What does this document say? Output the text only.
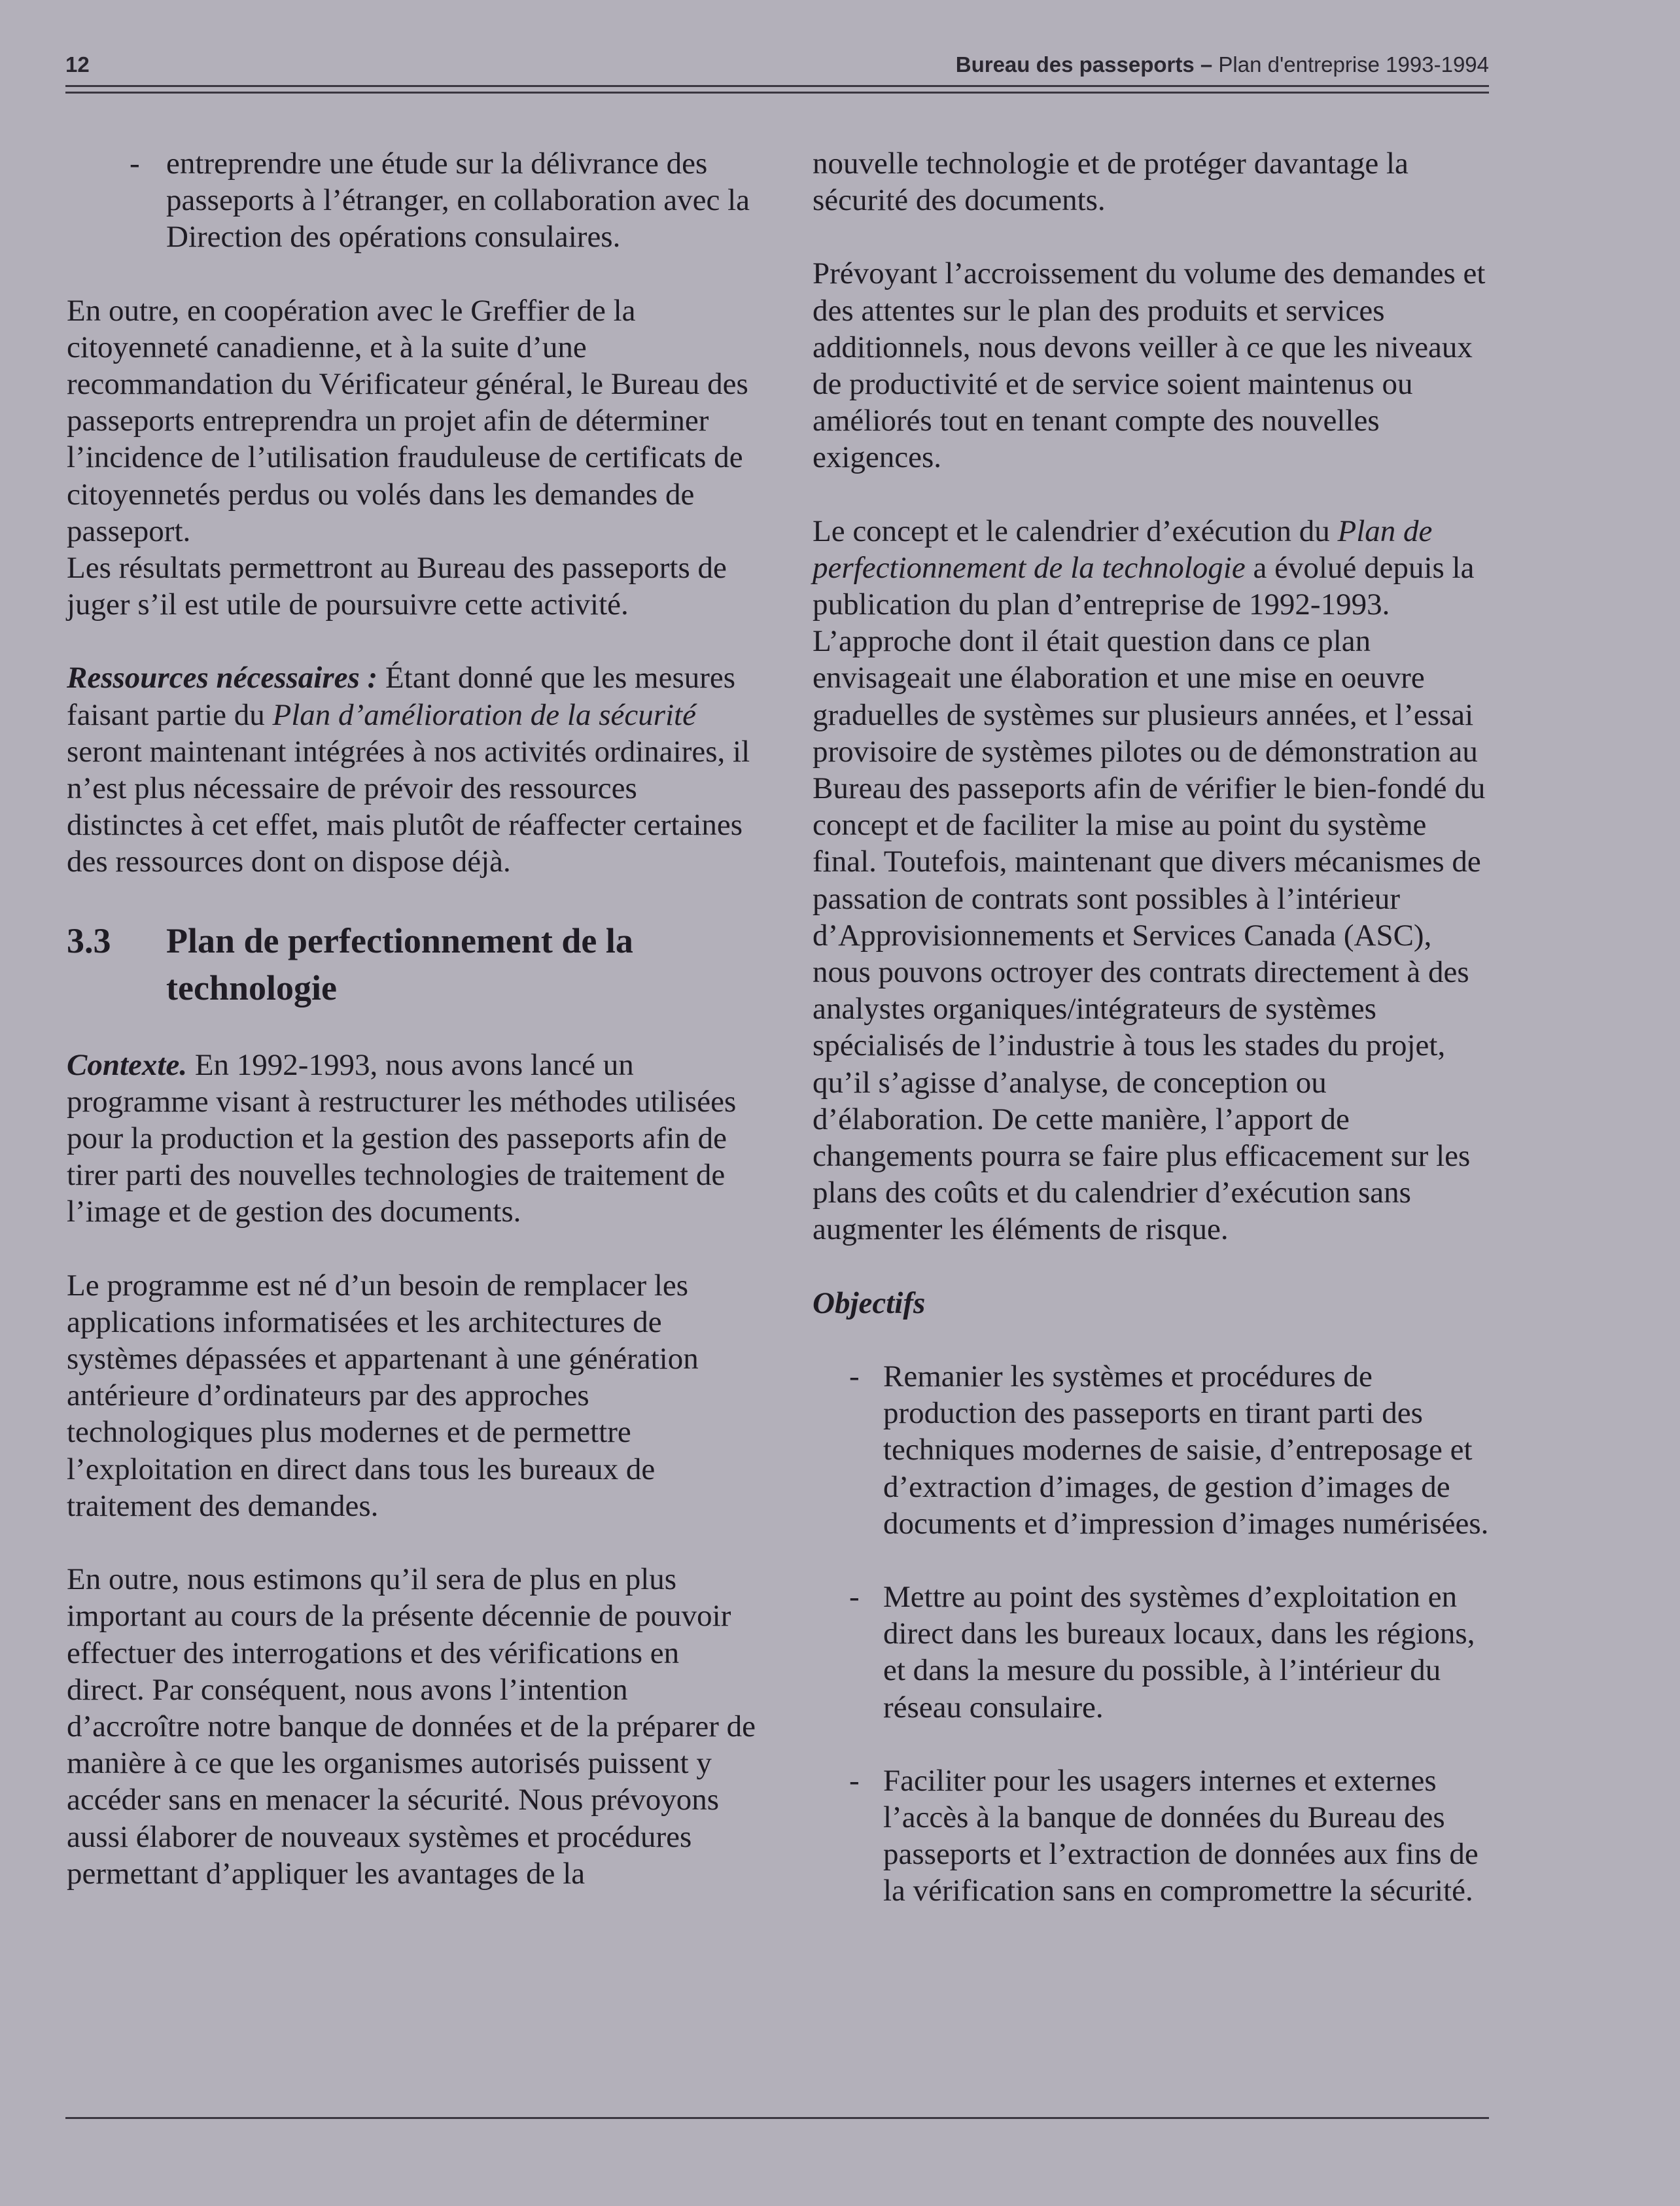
12	Bureau des passeports – Plan d'entreprise 1993-1994
- entreprendre une étude sur la délivrance des passeports à l’étranger, en collaboration avec la Direction des opérations consulaires.

En outre, en coopération avec le Greffier de la citoyenneté canadienne, et à la suite d’une recommandation du Vérificateur général, le Bureau des passeports entreprendra un projet afin de déterminer l’incidence de l’utilisation frauduleuse de certificats de citoyennetés perdus ou volés dans les demandes de passeport.

Les résultats permettront au Bureau des passeports de juger s’il est utile de poursuivre cette activité.

Ressources nécessaires : Étant donné que les mesures faisant partie du Plan d’amélioration de la sécurité seront maintenant intégrées à nos activités ordinaires, il n’est plus nécessaire de prévoir des ressources distinctes à cet effet, mais plutôt de réaffecter certaines des ressources dont on dispose déjà.

3.3 Plan de perfectionnement de la technologie

Contexte. En 1992-1993, nous avons lancé un programme visant à restructurer les méthodes utilisées pour la production et la gestion des passeports afin de tirer parti des nouvelles technologies de traitement de l’image et de gestion des documents.

Le programme est né d’un besoin de remplacer les applications informatisées et les architectures de systèmes dépassées et appartenant à une génération antérieure d’ordinateurs par des approches technologiques plus modernes et de permettre l’exploitation en direct dans tous les bureaux de traitement des demandes.

En outre, nous estimons qu’il sera de plus en plus important au cours de la présente décennie de pouvoir effectuer des interrogations et des vérifications en direct. Par conséquent, nous avons l’intention d’accroître notre banque de données et de la préparer de manière à ce que les organismes autorisés puissent y accéder sans en menacer la sécurité. Nous prévoyons aussi élaborer de nouveaux systèmes et procédures permettant d’appliquer les avantages de la

nouvelle technologie et de protéger davantage la sécurité des documents.

Prévoyant l’accroissement du volume des demandes et des attentes sur le plan des produits et services additionnels, nous devons veiller à ce que les niveaux de productivité et de service soient maintenus ou améliorés tout en tenant compte des nouvelles exigences.

Le concept et le calendrier d’exécution du Plan de perfectionnement de la technologie a évolué depuis la publication du plan d’entreprise de 1992-1993. L’approche dont il était question dans ce plan envisageait une élaboration et une mise en oeuvre graduelles de systèmes sur plusieurs années, et l’essai provisoire de systèmes pilotes ou de démonstration au Bureau des passeports afin de vérifier le bien-fondé du concept et de faciliter la mise au point du système final. Toutefois, maintenant que divers mécanismes de passation de contrats sont possibles à l’intérieur d’Approvisionnements et Services Canada (ASC), nous pouvons octroyer des contrats directement à des analystes organiques/intégrateurs de systèmes spécialisés de l’industrie à tous les stades du projet, qu’il s’agisse d’analyse, de conception ou d’élaboration. De cette manière, l’apport de changements pourra se faire plus efficacement sur les plans des coûts et du calendrier d’exécution sans augmenter les éléments de risque.

Objectifs
- Remanier les systèmes et procédures de production des passeports en tirant parti des techniques modernes de saisie, d’entreposage et d’extraction d’images, de gestion d’images de documents et d’impression d’images numérisées.
- Mettre au point des systèmes d’exploitation en direct dans les bureaux locaux, dans les régions, et dans la mesure du possible, à l’intérieur du réseau consulaire.
- Faciliter pour les usagers internes et externes l’accès à la banque de données du Bureau des passeports et l’extraction de données aux fins de la vérification sans en compromettre la sécurité.
